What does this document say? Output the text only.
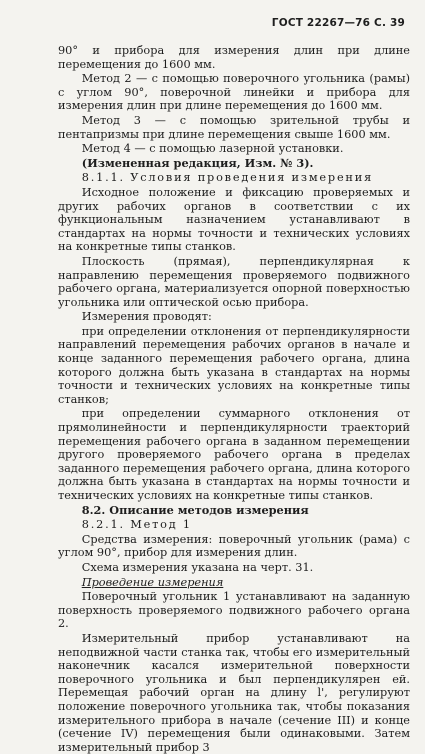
ГОСТ 22267—76 С. 39

90° и прибора для измерения длин при длине перемещения до 1600 мм.

Метод 2 — с помощью поверочного угольника (рамы) с углом 90°, поверочной линейки и прибора для измерения длин при длине перемещения до 1600 мм.

Метод 3 — с помощью зрительной трубы и пентапризмы при длине перемещения свыше 1600 мм.

Метод 4 — с помощью лазерной установки.

(Измененная редакция, Изм. № 3).

8.1.1. Условия проведения измерения

Исходное положение и фиксацию проверяемых и других рабочих органов в соответствии с их функциональным назначением устанавливают в стандартах на нормы точности и технических условиях на конкретные типы станков.

Плоскость (прямая), перпендикулярная к направлению перемещения проверяемого подвижного рабочего органа, материализуется опорной поверхностью угольника или оптической осью прибора.

Измерения проводят:

при определении отклонения от перпендикулярности направлений перемещения рабочих органов в начале и конце заданного перемещения рабочего органа, длина которого должна быть указана в стандартах на нормы точности и технических условиях на конкретные типы станков;

при определении суммарного отклонения от прямолинейности и перпендикулярности траекторий перемещения рабочего органа в заданном перемещении другого проверяемого рабочего органа в пределах заданного перемещения рабочего органа, длина которого должна быть указана в стандартах на нормы точности и технических условиях на конкретные типы станков.

8.2. Описание методов измерения

8.2.1. Метод 1

Средства измерения: поверочный угольник (рама) с углом 90°, прибор для измерения длин.

Схема измерения указана на черт. 31.

Проведение измерения

Поверочный угольник 1 устанавливают на заданную поверхность проверяемого подвижного рабочего органа 2.

Измерительный прибор устанавливают на неподвижной части станка так, чтобы его измерительный наконечник касался измерительной поверхности поверочного угольника и был перпендикулярен ей. Перемещая рабочий орган на длину l', регулируют положение поверочного угольника так, чтобы показания измерительного прибора в начале (сечение III) и конце (сечение IV) перемещения были одинаковыми. Затем измерительный прибор 3
